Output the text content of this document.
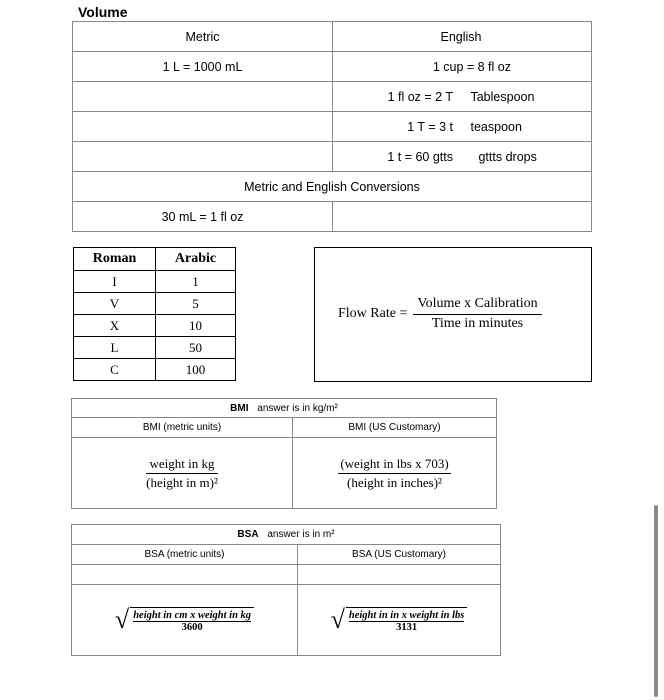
Volume
Metric	English
1 L = 1000 mL	1 cup = 8 fl oz
	1 fl oz = 2 T Tablespoon
	1 T = 3 t teaspoon
	1 t = 60 gtts gttts drops
Metric and English Conversions	
30 mL = 1 fl oz	
Roman	Arabic
I	1
V	5
X	10
L	50
C	100
Flow Rate = $\frac{\text{Volume x Calibration}}{\text{Time in minutes}}$
BMI answer is in kg/m²	
BMI (metric units)	BMI (US Customary)

$\frac{\text{weight in kg}}{\text{(height in m)²}}$	$\frac{\text{(weight in lbs x 703)}}{\text{(height in inches)²}}$
BSA answer is in m²	
BSA (metric units)	BSA (US Customary)

√ $\frac{\text{height in cm x weight in kg}}{3600}$	√ $\frac{\text{height in in x weight in lbs}}{3131}$
